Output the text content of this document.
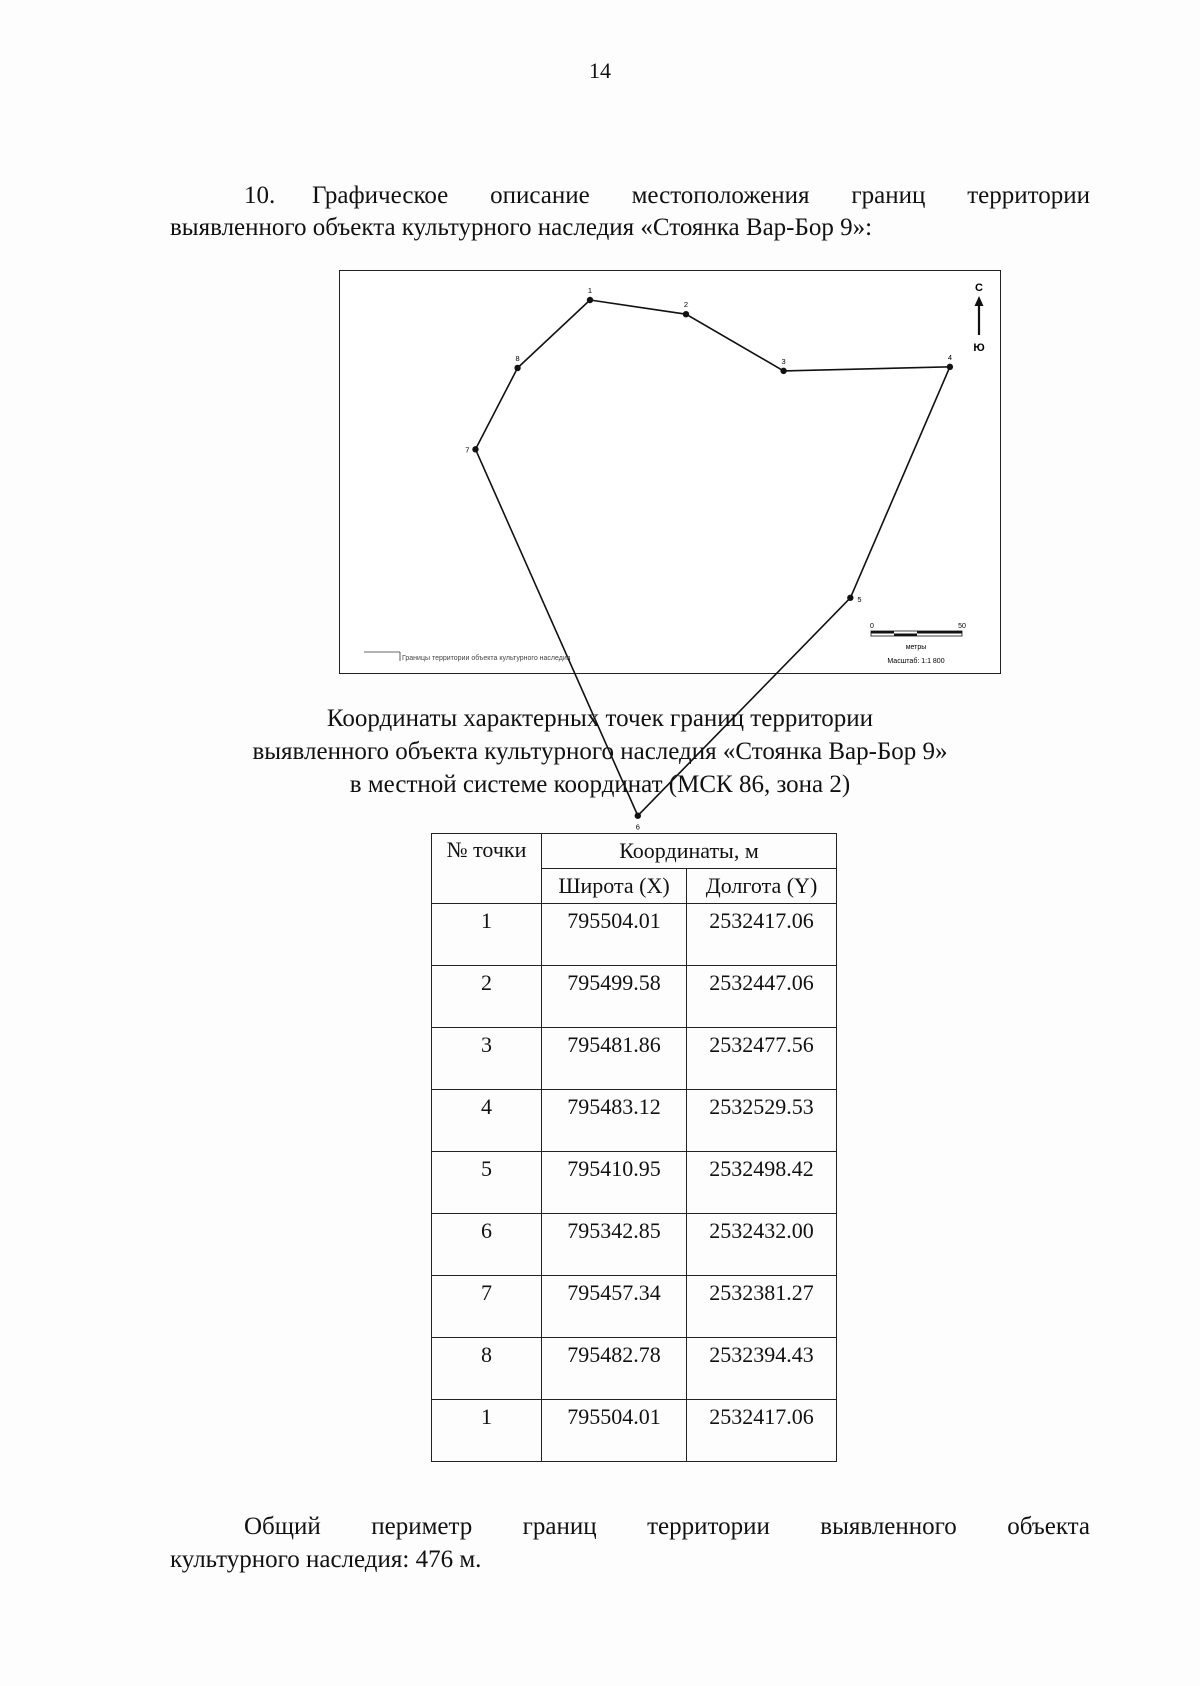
14
10. Графическое описание местоположения границ территории
выявленного объекта культурного наследия «Стоянка Вар-Бор 9»:
1
2
3	4
5
6
7
8
С
Ю
Границы территории объекта культурного наследия
0	50
метры
Масштаб: 1:1 800
Координаты характерных точек границ территории
выявленного объекта культурного наследия «Стоянка Вар-Бор 9»
в местной системе координат (МСК 86, зона 2)
№ точки	Координаты, м	
	Широта (X)	Долгота (Y)
1	795504.01	2532417.06
2	795499.58	2532447.06
3	795481.86	2532477.56
4	795483.12	2532529.53
5	795410.95	2532498.42
6	795342.85	2532432.00
7	795457.34	2532381.27
8	795482.78	2532394.43
1	795504.01	2532417.06
Общий периметр границ территории выявленного объекта
культурного наследия: 476 м.
